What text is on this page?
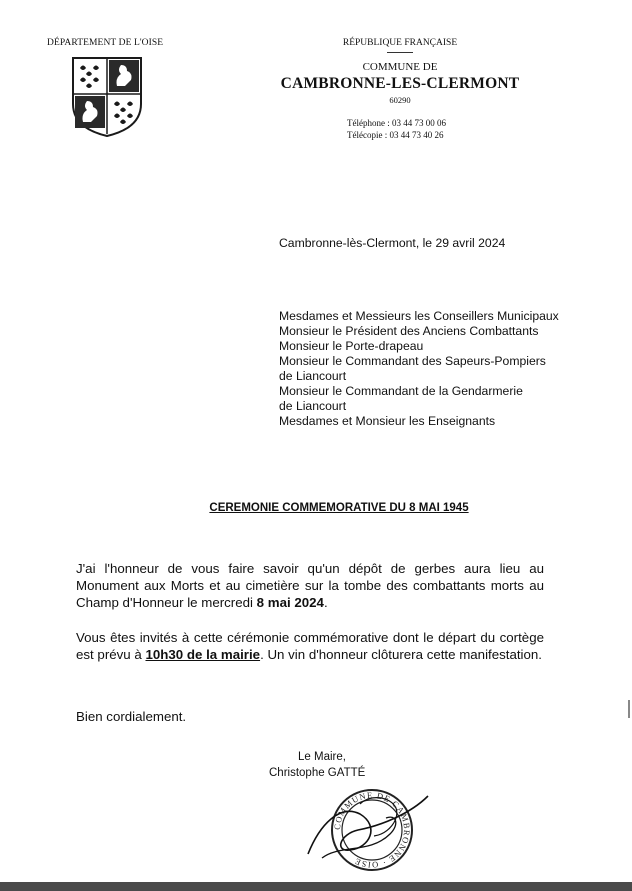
DÉPARTEMENT DE L'OISE	RÉPUBLIQUE FRANÇAISE
COMMUNE DE
CAMBRONNE-LES-CLERMONT
60290
Téléphone : 03 44 73 00 06
Télécopie : 03 44 73 40 26
Cambronne-lès-Clermont, le 29 avril 2024
Mesdames et Messieurs les Conseillers Municipaux
Monsieur le Président des Anciens Combattants
Monsieur le Porte-drapeau
Monsieur le Commandant des Sapeurs-Pompiers
de Liancourt
Monsieur le Commandant de la Gendarmerie
de Liancourt
Mesdames et Monsieur les Enseignants
CEREMONIE COMMEMORATIVE DU 8 MAI 1945
J'ai l'honneur de vous faire savoir qu'un dépôt de gerbes aura lieu au Monument aux Morts et au cimetière sur la tombe des combattants morts au Champ d'Honneur le mercredi 8 mai 2024.
Vous êtes invités à cette cérémonie commémorative dont le départ du cortège est prévu à 10h30 de la mairie. Un vin d'honneur clôturera cette manifestation.
Bien cordialement.
Le Maire,
Christophe GATTÉ
COMMUNE DE CAMBRONNE · OISE
